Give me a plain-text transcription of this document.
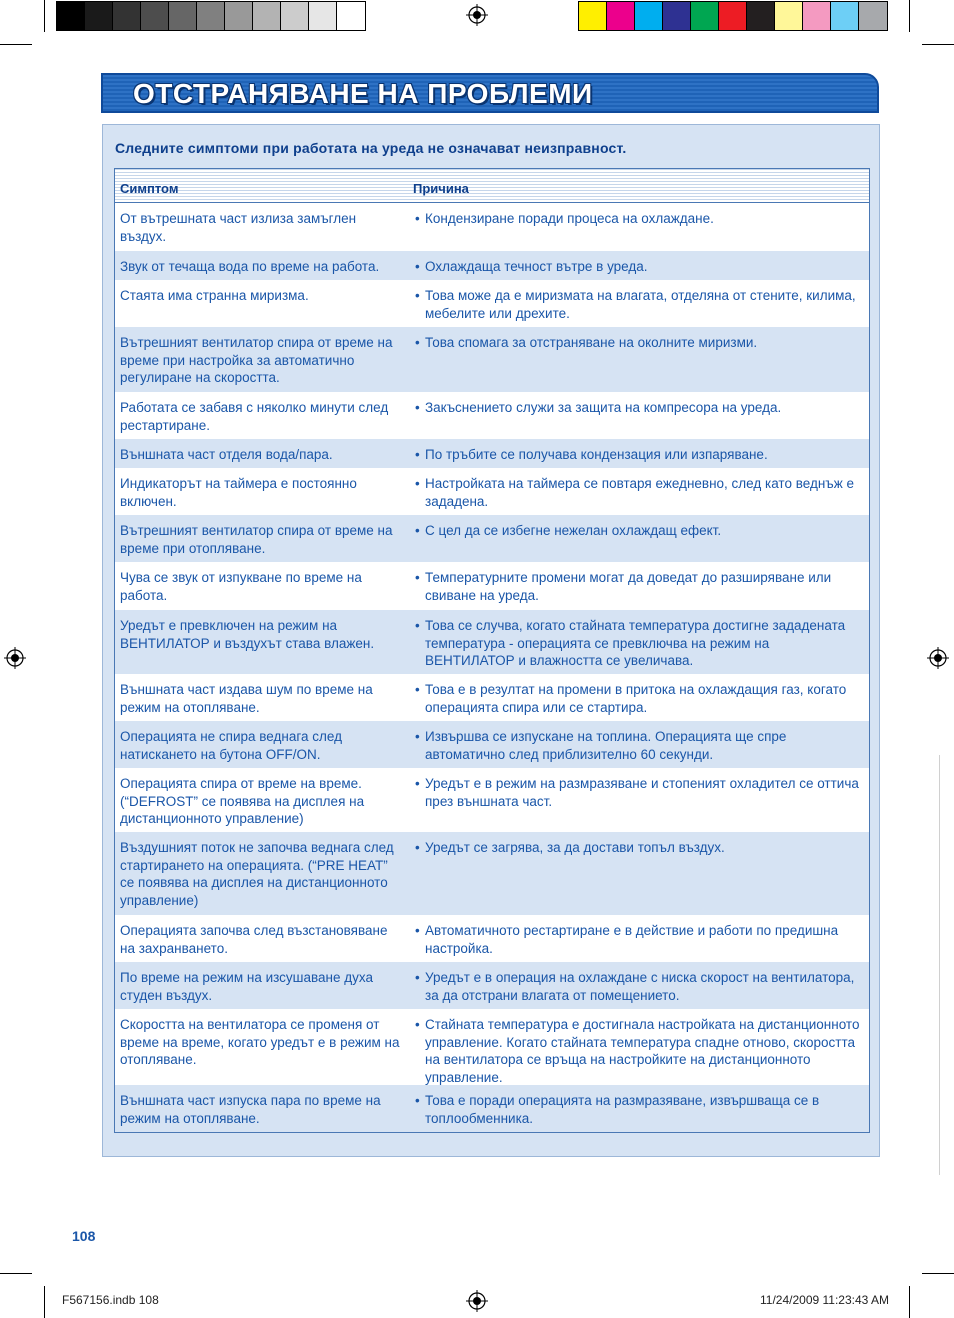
ОТСТРАНЯВАНЕ НА ПРОБЛЕМИ
Следните симптоми при работата на уреда не означават неизправност.
Симптом	Причина
От вътрешната част излиза замъглен въздух.
• Кондензиране поради процеса на охлаждане.
Звук от течаща вода по време на работа.	• Охлаждаща течност вътре в уреда.
Стаята има странна миризма.	• Това може да е миризмата на влагата, отделяна от стените, килима, мебелите или дрехите.
Вътрешният вентилатор спира от време на време при настройка за автоматично регулиране на скоростта.
• Това спомага за отстраняване на околните миризми.
Работата се забавя с няколко минути след рестартиране.
• Закъснението служи за защита на компресора на уреда.
Външната част отделя вода/пара.	• По тръбите се получава кондензация или изпаряване.
Индикаторът на таймера е постоянно включен.
• Настройката на таймера се повтаря ежедневно, след като веднъж е зададена.
Вътрешният вентилатор спира от време на време при отопляване.
• С цел да се избегне нежелан охлаждащ ефект.
Чува се звук от изпукване по време на работа.
• Температурните промени могат да доведат до разширяване или свиване на уреда.
Уредът е превключен на режим на ВЕНТИЛАТОР и въздухът става влажен.
• Това се случва, когато стайната температура достигне зададената температура - операцията се превключва на режим на ВЕНТИЛАТОР и влажността се увеличава.
Външната част издава шум по време на режим на отопляване.
• Това е в резултат на промени в притока на охлаждащия газ, когато операцията спира или се стартира.
Операцията не спира веднага след натискането на бутона OFF/ON.
• Извършва се изпускане на топлина. Операцията ще спре автоматично след приблизително 60 секунди.
Операцията спира от време на време. (“DEFROST” се появява на дисплея на дистанционното управление)
• Уредът е в режим на размразяване и стопеният охладител се оттича през външната част.
Въздушният поток не започва веднага след стартирането на операцията. (“PRE HEAT” се появява на дисплея на дистанционното управление)
• Уредът се загрява, за да достави топъл въздух.
Операцията започва след възстановяване на захранването.
• Автоматичното рестартиране е в действие и работи по предишна настройка.
По време на режим на изсушаване духа студен въздух.
• Уредът е в операция на охлаждане с ниска скорост на вентилатора, за да отстрани влагата от помещението.
Скоростта на вентилатора се променя от време на време, когато уредът е в режим на отопляване.
• Стайната температура е достигнала настройката на дистанционното управление. Когато стайната температура спадне отново, скоростта на вентилатора се връща на настройките на дистанционното управление.
Външната част изпуска пара по време на режим на отопляване.
• Това е поради операцията на размразяване, извършваща се в топлообменника.
108
F567156.indb 108	11/24/2009 11:23:43 AM
